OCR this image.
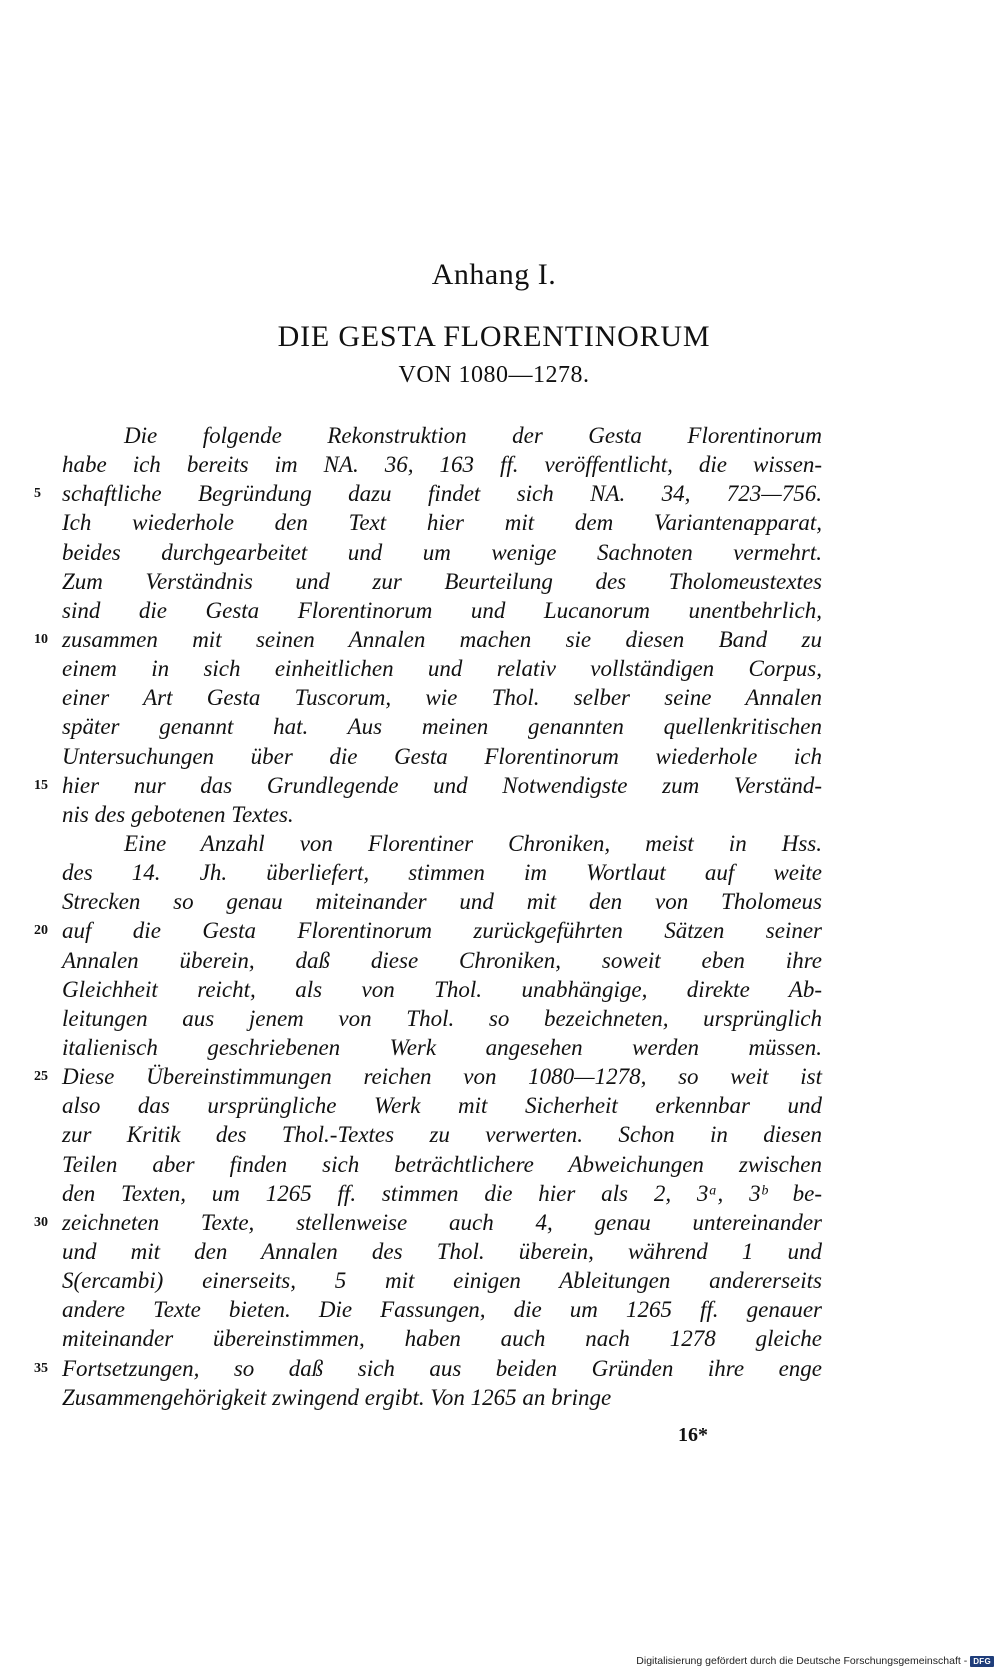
Anhang I.
DIE GESTA FLORENTINORUM
VON 1080—1278.
Die folgende Rekonstruktion der Gesta Florentinorum
habe ich bereits im NA. 36, 163 ff. veröffentlicht, die wissen-
5 schaftliche Begründung dazu findet sich NA. 34, 723—756.
Ich wiederhole den Text hier mit dem Variantenapparat,
beides durchgearbeitet und um wenige Sachnoten vermehrt.
Zum Verständnis und zur Beurteilung des Tholomeustextes
sind die Gesta Florentinorum und Lucanorum unentbehrlich,
10 zusammen mit seinen Annalen machen sie diesen Band zu
einem in sich einheitlichen und relativ vollständigen Corpus,
einer Art Gesta Tuscorum, wie Thol. selber seine Annalen
später genannt hat. Aus meinen genannten quellenkritischen
Untersuchungen über die Gesta Florentinorum wiederhole ich
15 hier nur das Grundlegende und Notwendigste zum Verständ-
nis des gebotenen Textes.
Eine Anzahl von Florentiner Chroniken, meist in Hss.
des 14. Jh. überliefert, stimmen im Wortlaut auf weite
Strecken so genau miteinander und mit den von Tholomeus
20 auf die Gesta Florentinorum zurückgeführten Sätzen seiner
Annalen überein, daß diese Chroniken, soweit eben ihre
Gleichheit reicht, als von Thol. unabhängige, direkte Ab-
leitungen aus jenem von Thol. so bezeichneten, ursprünglich
italienisch geschriebenen Werk angesehen werden müssen.
25 Diese Übereinstimmungen reichen von 1080—1278, so weit ist
also das ursprüngliche Werk mit Sicherheit erkennbar und
zur Kritik des Thol.-Textes zu verwerten. Schon in diesen
Teilen aber finden sich beträchtlichere Abweichungen zwischen
den Texten, um 1265 ff. stimmen die hier als 2, 3ᵃ, 3ᵇ be-
30 zeichneten Texte, stellenweise auch 4, genau untereinander
und mit den Annalen des Thol. überein, während 1 und
S(ercambi) einerseits, 5 mit einigen Ableitungen andererseits
andere Texte bieten. Die Fassungen, die um 1265 ff. genauer
miteinander übereinstimmen, haben auch nach 1278 gleiche
35 Fortsetzungen, so daß sich aus beiden Gründen ihre enge
Zusammengehörigkeit zwingend ergibt. Von 1265 an bringe
16*
Digitalisierung gefördert durch die Deutsche Forschungsgemeinschaft - DFG
